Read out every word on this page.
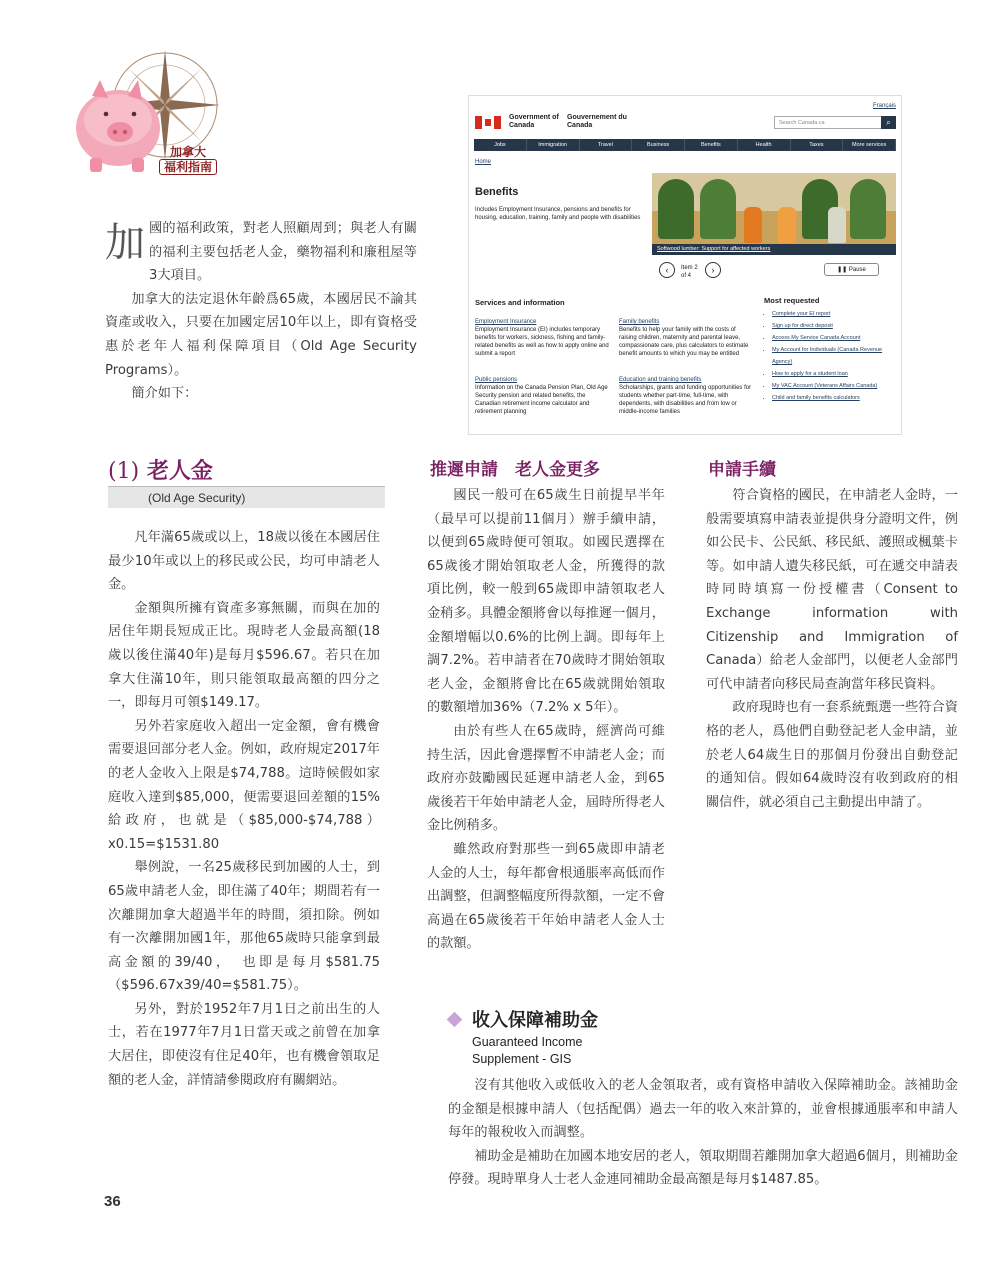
加拿大
福利指南

加國的福利政策，對老人照顧周到；與老人有關的福利主要包括老人金，藥物福利和廉租屋等3大項目。

加拿大的法定退休年齡爲65歲，本國居民不論其資產或收入，只要在加國定居10年以上，即有資格受惠於老年人福利保障項目（Old Age Security Programs）。

簡介如下：

Français
Government of Canada
Gouvernement du Canada	Search Canada.ca	⌕
Jobs	Immigration	Travel	Business	Benefits	Health	Taxes	More services
Home
Benefits
Includes Employment Insurance, pensions and benefits for housing, education, training, family and people with disabilities
Softwood lumber: Support for affected workers
‹	Item 2 of 4
›	❚❚ Pause
Services and information
Employment Insurance
Employment Insurance (EI) includes temporary benefits for workers, sickness, fishing and family-related benefits as well as how to apply online and submit a report
Family benefits
Benefits to help your family with the costs of raising children, maternity and parental leave, compassionate care, plus calculators to estimate benefit amounts to which you may be entitled
Public pensions
Information on the Canada Pension Plan, Old Age Security pension and related benefits, the Canadian retirement income calculator and retirement planning
Education and training benefits
Scholarships, grants and funding opportunities for students whether part-time, full-time, with dependents, with disabilities and from low or middle-income families
Most requested
• Complete your EI report
• Sign up for direct deposit
• Access My Service Canada Account
• My Account for Individuals (Canada Revenue Agency)
• How to apply for a student loan
• My VAC Account (Veterans Affairs Canada)
• Child and family benefits calculators
(1) 老人金
(Old Age Security)

凡年滿65歲或以上，18歲以後在本國居住最少10年或以上的移民或公民，均可申請老人金。

金額與所擁有資產多寡無關，而與在加的居住年期長短成正比。現時老人金最高額(18歲以後住滿40年)是每月$596.67。若只在加拿大住滿10年，則只能領取最高額的四分之一，即每月可領$149.17。

另外若家庭收入超出一定金額，會有機會需要退回部分老人金。例如，政府規定2017年的老人金收入上限是$74,788。這時候假如家庭收入達到$85,000，便需要退回差額的15%給政府，也就是（$85,000-$74,788）x0.15=$1531.80

舉例說，一名25歲移民到加國的人士，到65歲申請老人金，即住滿了40年；期間若有一次離開加拿大超過半年的時間，須扣除。例如有一次離開加國1年，那他65歲時只能拿到最高金額的39/40，　也即是每月$581.75（$596.67x39/40=$581.75）。

另外，對於1952年7月1日之前出生的人士，若在1977年7月1日當天或之前曾在加拿大居住，即使沒有住足40年，也有機會領取足額的老人金，詳情請參閱政府有關網站。

推遲申請　老人金更多

國民一般可在65歲生日前提早半年（最早可以提前11個月）辦手續申請，以便到65歲時便可領取。如國民選擇在65歲後才開始領取老人金，所獲得的款項比例，較一般到65歲即申請領取老人金稍多。具體金額將會以每推遲一個月，金額增幅以0.6%的比例上調。即每年上調7.2%。若申請者在70歲時才開始領取老人金，金額將會比在65歲就開始領取的數額增加36%（7.2% x 5年）。

由於有些人在65歲時，經濟尚可維持生活，因此會選擇暫不申請老人金；而政府亦鼓勵國民延遲申請老人金，到65歲後若干年始申請老人金，屆時所得老人金比例稍多。

雖然政府對那些一到65歲即申請老人金的人士，每年都會根通脹率高低而作出調整，但調整幅度所得款額，一定不會高過在65歲後若干年始申請老人金人士的款額。

申請手續

符合資格的國民，在申請老人金時，一般需要填寫申請表並提供身分證明文件，例如公民卡、公民紙、移民紙、護照或楓葉卡等。如申請人遺失移民紙，可在遞交申請表時同時填寫一份授權書（Consent to Exchange information with Citizenship and Immigration of Canada）給老人金部門，以便老人金部門可代申請者向移民局查詢當年移民資料。

政府現時也有一套系統甄選一些符合資格的老人，爲他們自動登記老人金申請，並於老人64歲生日的那個月份發出自動登記的通知信。假如64歲時沒有收到政府的相關信件，就必須自己主動提出申請了。

收入保障補助金
Guaranteed Income
Supplement - GIS

沒有其他收入或低收入的老人金領取者，或有資格申請收入保障補助金。該補助金的金額是根據申請人（包括配偶）過去一年的收入來計算的，並會根據通脹率和申請人每年的報稅收入而調整。

補助金是補助在加國本地安居的老人，領取期間若離開加拿大超過6個月，則補助金停發。現時單身人士老人金連同補助金最高額是每月$1487.85。

36
